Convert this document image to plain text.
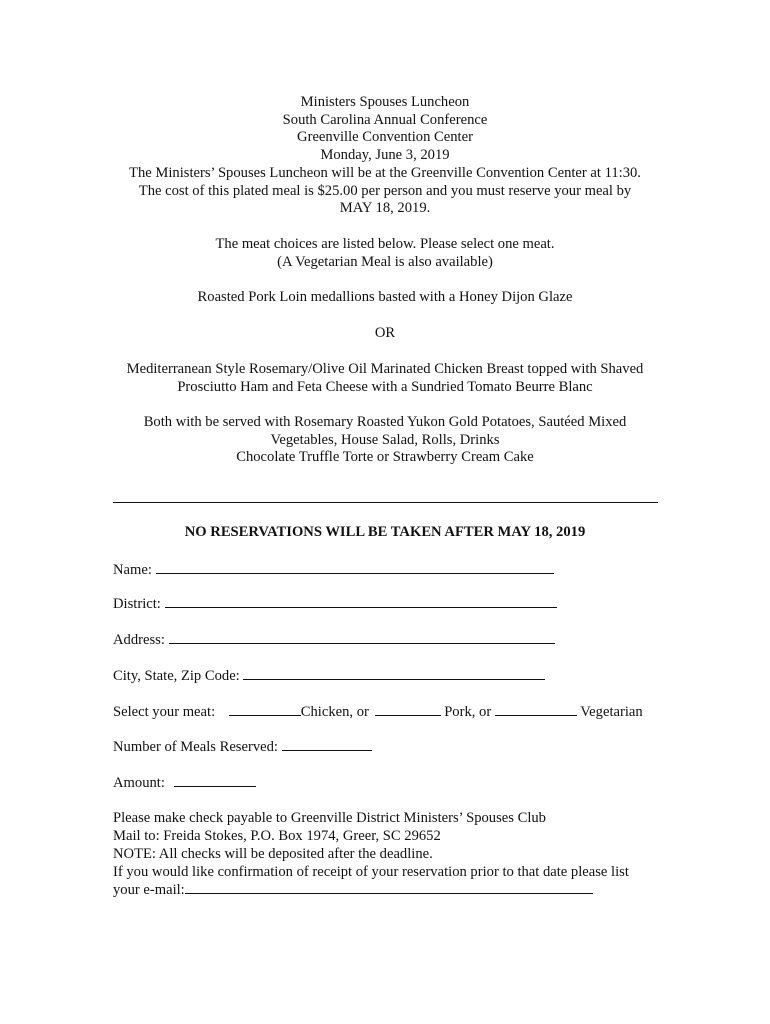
Ministers Spouses Luncheon
South Carolina Annual Conference
Greenville Convention Center
Monday, June 3, 2019
The Ministers’ Spouses Luncheon will be at the Greenville Convention Center at 11:30.
The cost of this plated meal is $25.00 per person and you must reserve your meal by
MAY 18, 2019.
The meat choices are listed below. Please select one meat.
(A Vegetarian Meal is also available)
Roasted Pork Loin medallions basted with a Honey Dijon Glaze
OR
Mediterranean Style Rosemary/Olive Oil Marinated Chicken Breast topped with Shaved
Prosciutto Ham and Feta Cheese with a Sundried Tomato Beurre Blanc
Both with be served with Rosemary Roasted Yukon Gold Potatoes, Sautéed Mixed
Vegetables, House Salad, Rolls, Drinks
Chocolate Truffle Torte or Strawberry Cream Cake
NO RESERVATIONS WILL BE TAKEN AFTER MAY 18, 2019
Name:
District:
Address:
City, State, Zip Code:
Select your meat:	Chicken, or	Pork, or	Vegetarian
Number of Meals Reserved:
Amount:
Please make check payable to Greenville District Ministers’ Spouses Club
Mail to: Freida Stokes, P.O. Box 1974, Greer, SC 29652
NOTE: All checks will be deposited after the deadline.
If you would like confirmation of receipt of your reservation prior to that date please list
your e-mail:
